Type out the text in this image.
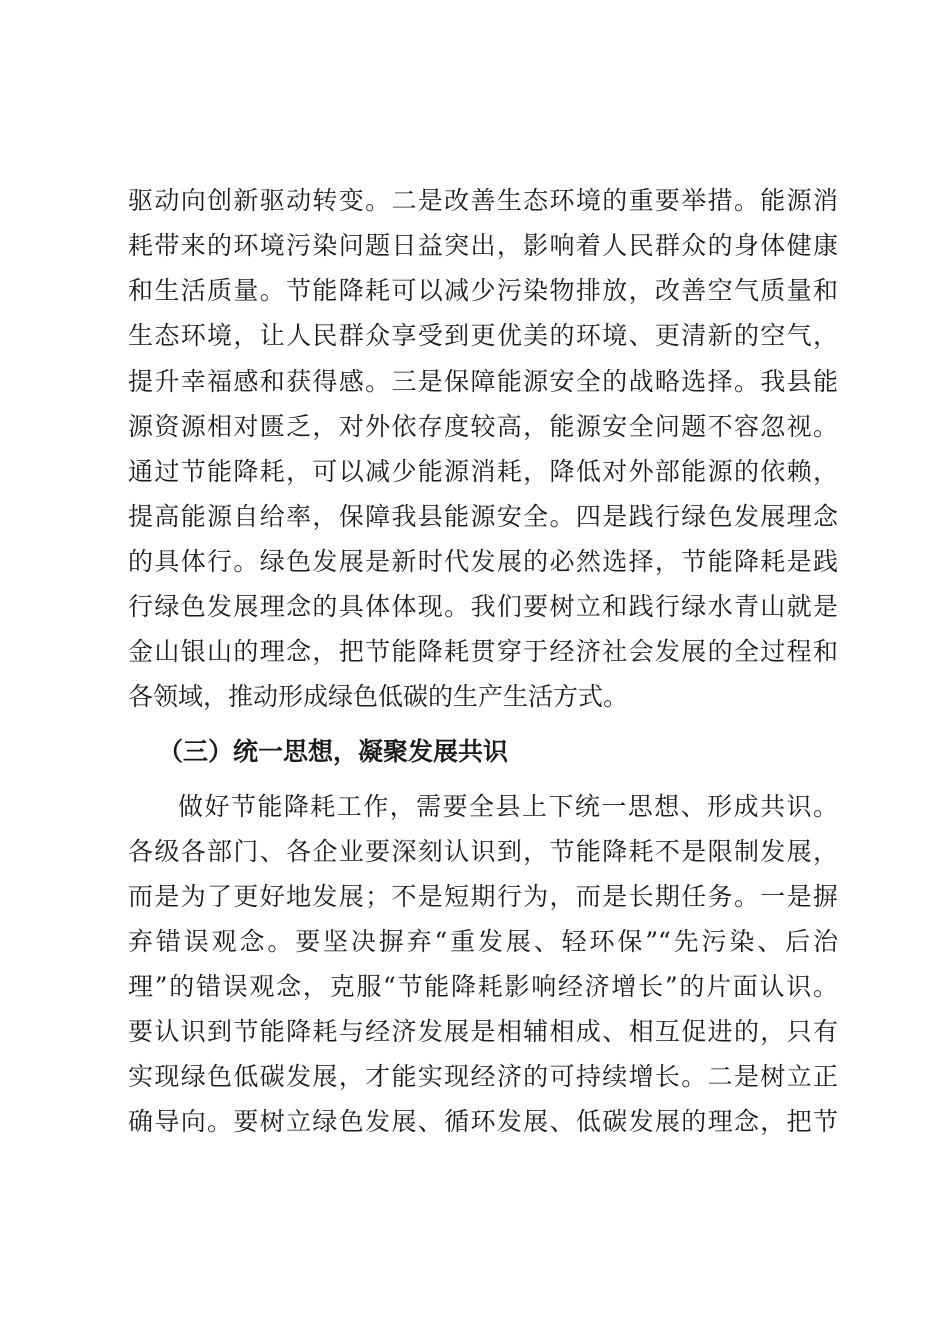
驱动向创新驱动转变。二是改善生态环境的重要举措。能源消
耗带来的环境污染问题日益突出，影响着人民群众的身体健康
和生活质量。节能降耗可以减少污染物排放，改善空气质量和
生态环境，让人民群众享受到更优美的环境、更清新的空气，
提升幸福感和获得感。三是保障能源安全的战略选择。我县能
源资源相对匮乏，对外依存度较高，能源安全问题不容忽视。
通过节能降耗，可以减少能源消耗，降低对外部能源的依赖，
提高能源自给率，保障我县能源安全。四是践行绿色发展理念
的具体行。绿色发展是新时代发展的必然选择，节能降耗是践
行绿色发展理念的具体体现。我们要树立和践行绿水青山就是
金山银山的理念，把节能降耗贯穿于经济社会发展的全过程和
各领域，推动形成绿色低碳的生产生活方式。
（三）统一思想，凝聚发展共识
做好节能降耗工作，需要全县上下统一思想、形成共识。
各级各部门、各企业要深刻认识到，节能降耗不是限制发展，
而是为了更好地发展；不是短期行为，而是长期任务。一是摒
弃错误观念。要坚决摒弃“重发展、轻环保”“先污染、后治
理”的错误观念，克服“节能降耗影响经济增长”的片面认识。
要认识到节能降耗与经济发展是相辅相成、相互促进的，只有
实现绿色低碳发展，才能实现经济的可持续增长。二是树立正
确导向。要树立绿色发展、循环发展、低碳发展的理念，把节
